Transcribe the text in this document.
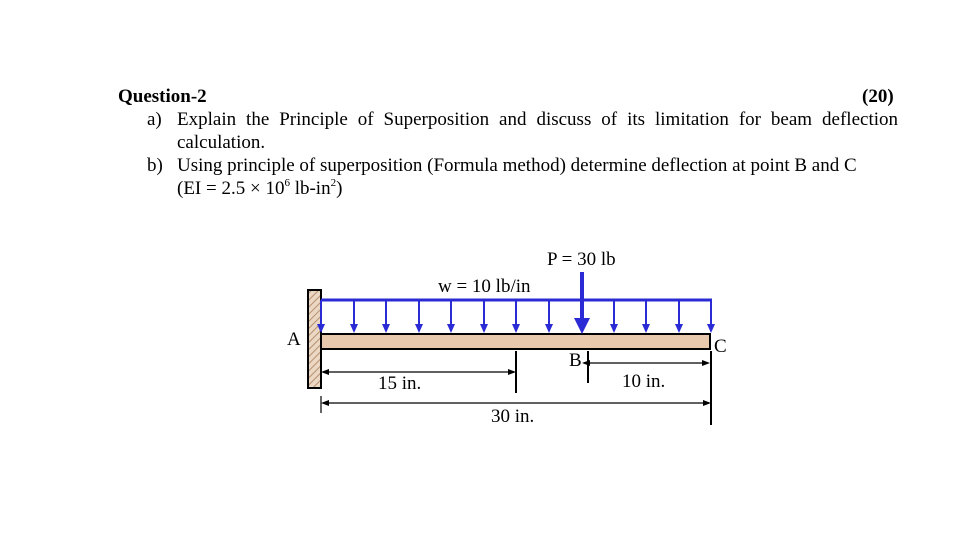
Question-2	(20)
a) Explain the Principle of Superposition and discuss of its limitation for beam deflection
calculation.
b) Using principle of superposition (Formula method) determine deflection at point B and C
($EI = 2.5 \times 10^6$ $lb-in^2$)
P = 30 lb
w = 10 lb/in
A
B
C
15 in.	10 in.
30 in.
